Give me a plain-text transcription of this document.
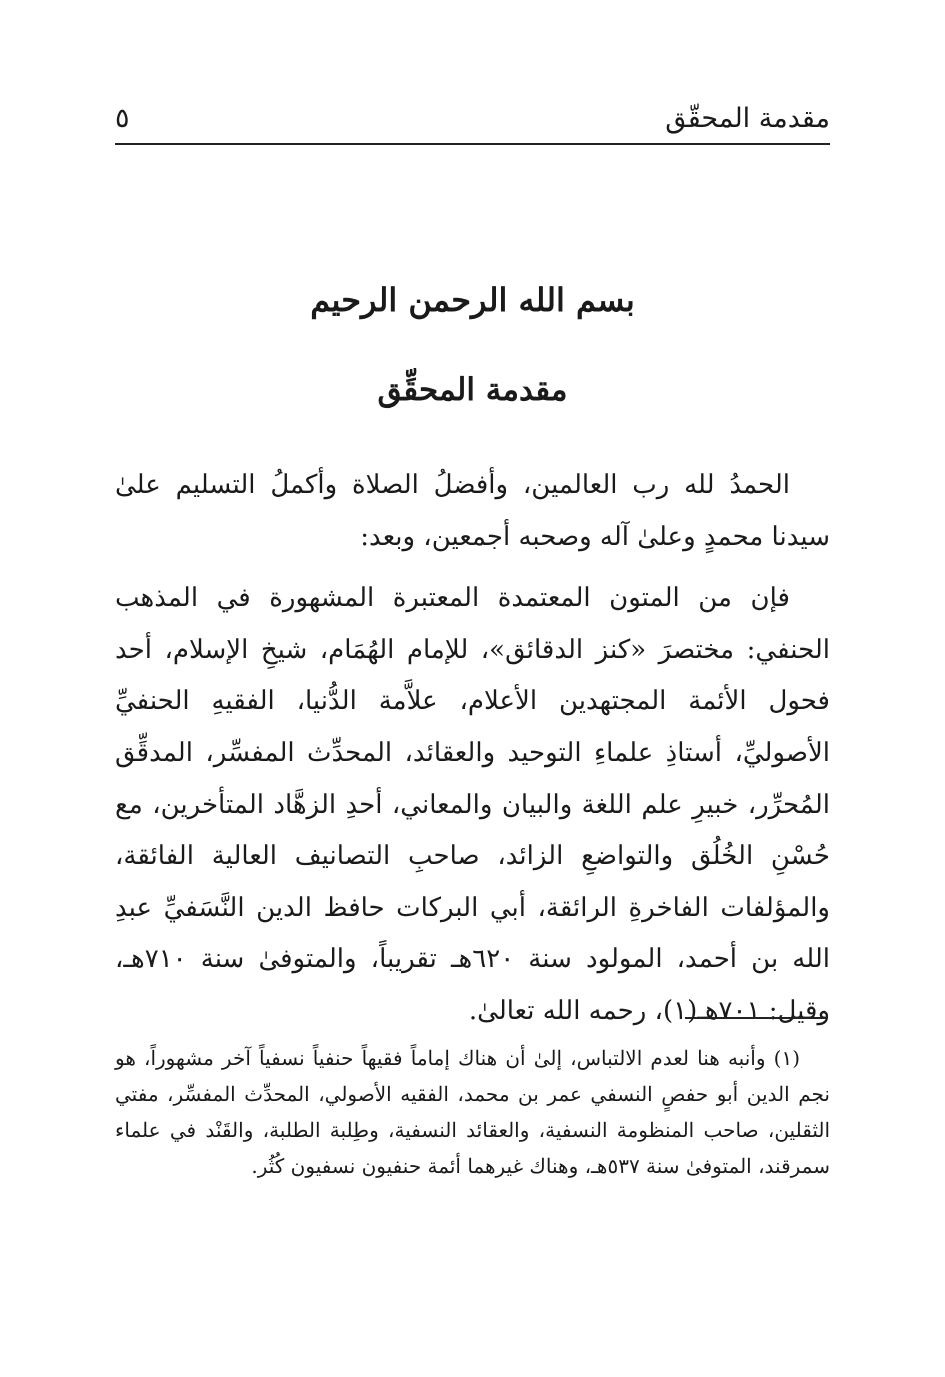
مقدمة المحقّق
٥
بسم الله الرحمن الرحيم
مقدمة المحقِّق

الحمدُ لله رب العالمين، وأفضلُ الصلاة وأكملُ التسليم علىٰ سيدنا محمدٍ وعلىٰ آله وصحبه أجمعين، وبعد:

فإن من المتون المعتمدة المعتبرة المشهورة في المذهب الحنفي: مختصرَ «كنز الدقائق»، للإمام الهُمَام، شيخِ الإسلام، أحد فحول الأئمة المجتهدين الأعلام، علاَّمة الدُّنيا، الفقيهِ الحنفيِّ الأصوليِّ، أستاذِ علماءِ التوحيد والعقائد، المحدِّث المفسِّر، المدقِّق المُحرِّر، خبيرِ علم اللغة والبيان والمعاني، أحدِ الزهَّاد المتأخرين، مع حُسْنِ الخُلُق والتواضعِ الزائد، صاحبِ التصانيف العالية الفائقة، والمؤلفات الفاخرةِ الرائقة، أبي البركات حافظ الدين النَّسَفيِّ عبدِ الله بن أحمد، المولود سنة ٦٢٠هـ تقريباً، والمتوفىٰ سنة ٧١٠هـ، وقيل: ٧٠١هـ(١)، رحمه الله تعالىٰ.

(١) وأنبه هنا لعدم الالتباس، إلىٰ أن هناك إماماً فقيهاً حنفياً نسفياً آخر مشهوراً، هو نجم الدين أبو حفصٍ النسفي عمر بن محمد، الفقيه الأصولي، المحدِّث المفسِّر، مفتي الثقلين، صاحب المنظومة النسفية، والعقائد النسفية، وطِلبة الطلبة، والقَنْد في علماء سمرقند، المتوفىٰ سنة ٥٣٧هـ، وهناك غيرهما أئمة حنفيون نسفيون كُثُر.
